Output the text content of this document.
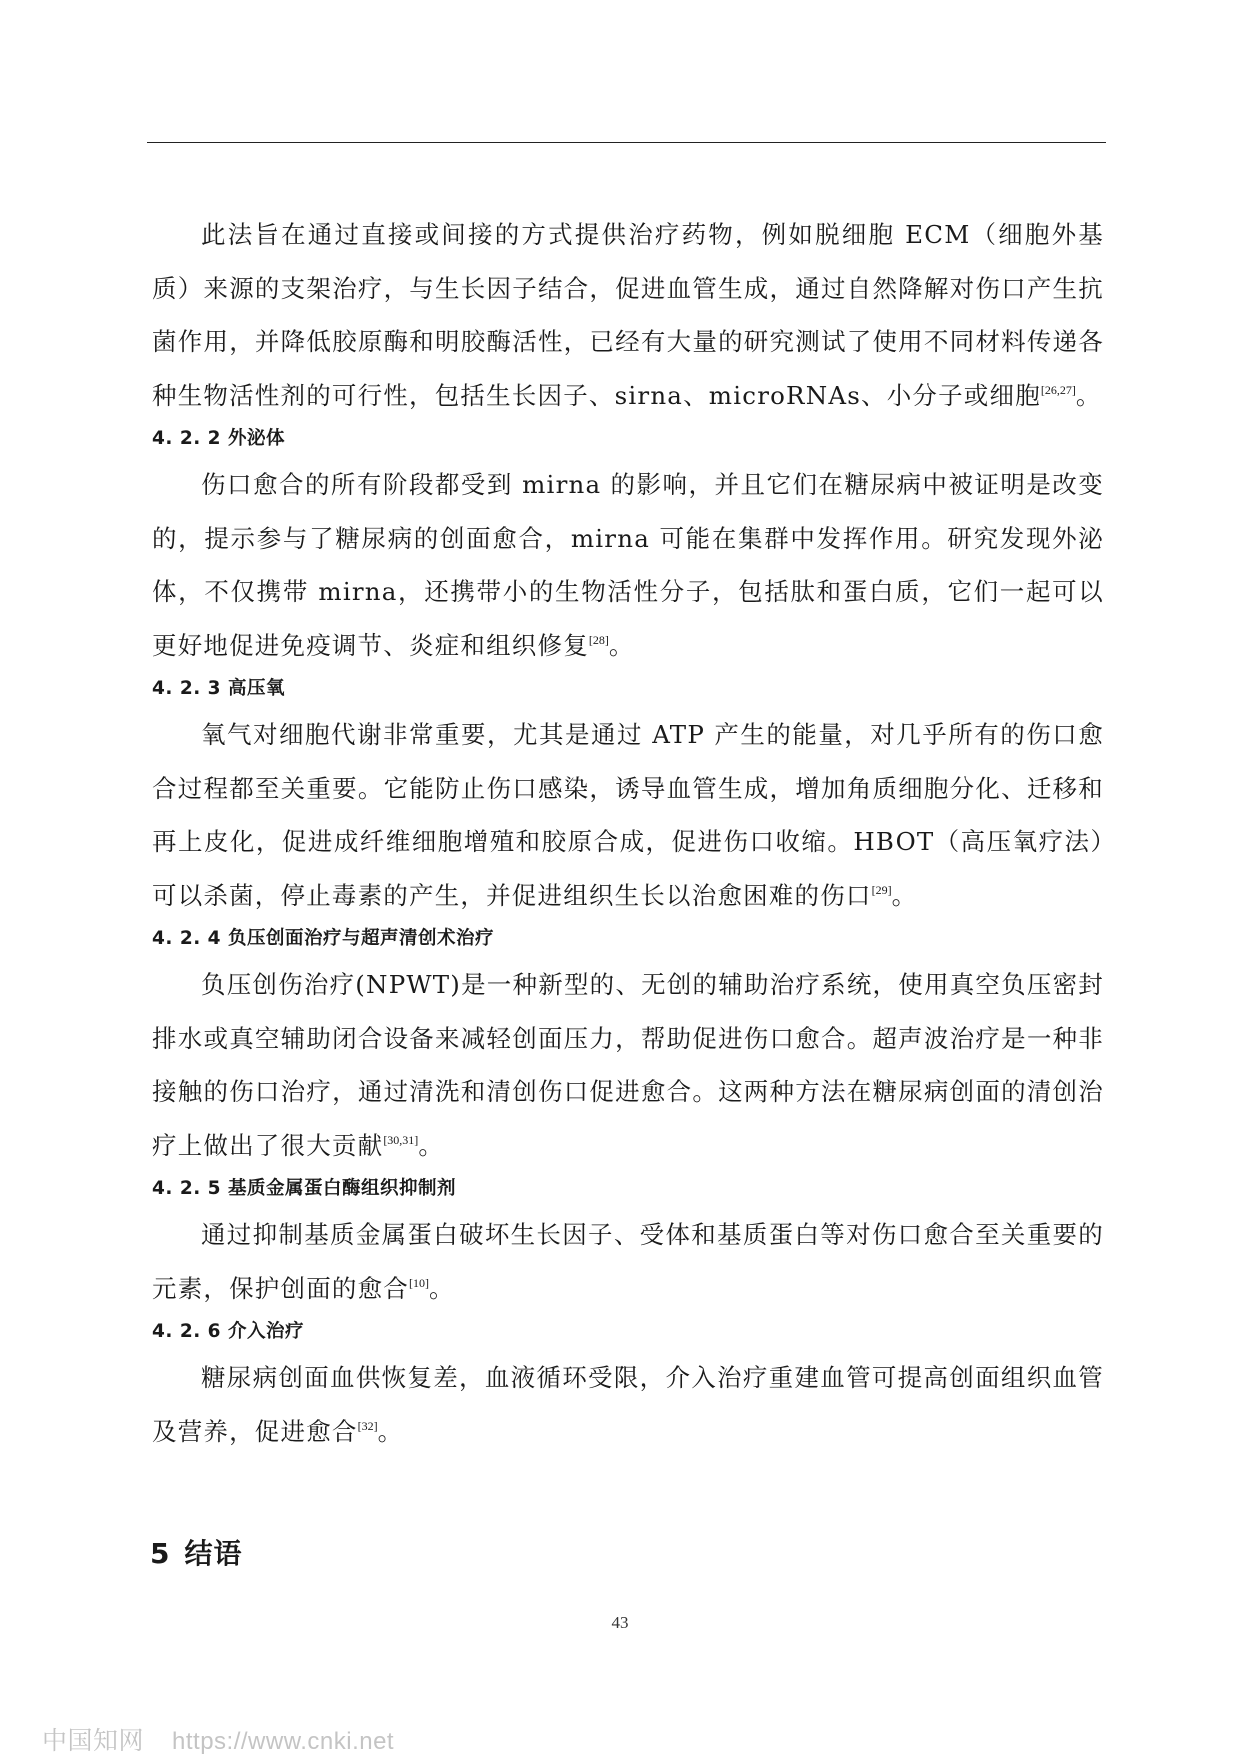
此法旨在通过直接或间接的方式提供治疗药物，例如脱细胞 ECM（细胞外基质）来源的支架治疗，与生长因子结合，促进血管生成，通过自然降解对伤口产生抗菌作用，并降低胶原酶和明胶酶活性，已经有大量的研究测试了使用不同材料传递各种生物活性剂的可行性，包括生长因子、sirna、microRNAs、小分子或细胞[26,27]。

4. 2. 2 外泌体

伤口愈合的所有阶段都受到 mirna 的影响，并且它们在糖尿病中被证明是改变的，提示参与了糖尿病的创面愈合，mirna 可能在集群中发挥作用。研究发现外泌体，不仅携带 mirna，还携带小的生物活性分子，包括肽和蛋白质，它们一起可以更好地促进免疫调节、炎症和组织修复[28]。

4. 2. 3 高压氧

氧气对细胞代谢非常重要，尤其是通过 ATP 产生的能量，对几乎所有的伤口愈合过程都至关重要。它能防止伤口感染，诱导血管生成，增加角质细胞分化、迁移和再上皮化，促进成纤维细胞增殖和胶原合成，促进伤口收缩。HBOT（高压氧疗法）可以杀菌，停止毒素的产生，并促进组织生长以治愈困难的伤口[29]。

4. 2. 4 负压创面治疗与超声清创术治疗

负压创伤治疗(NPWT)是一种新型的、无创的辅助治疗系统，使用真空负压密封排水或真空辅助闭合设备来减轻创面压力，帮助促进伤口愈合。超声波治疗是一种非接触的伤口治疗，通过清洗和清创伤口促进愈合。这两种方法在糖尿病创面的清创治疗上做出了很大贡献[30,31]。

4. 2. 5 基质金属蛋白酶组织抑制剂

通过抑制基质金属蛋白破坏生长因子、受体和基质蛋白等对伤口愈合至关重要的元素，保护创面的愈合[10]。

4. 2. 6 介入治疗

糖尿病创面血供恢复差，血液循环受限，介入治疗重建血管可提高创面组织血管及营养，促进愈合[32]。

5 结语
43
中国知网 https://www.cnki.net
